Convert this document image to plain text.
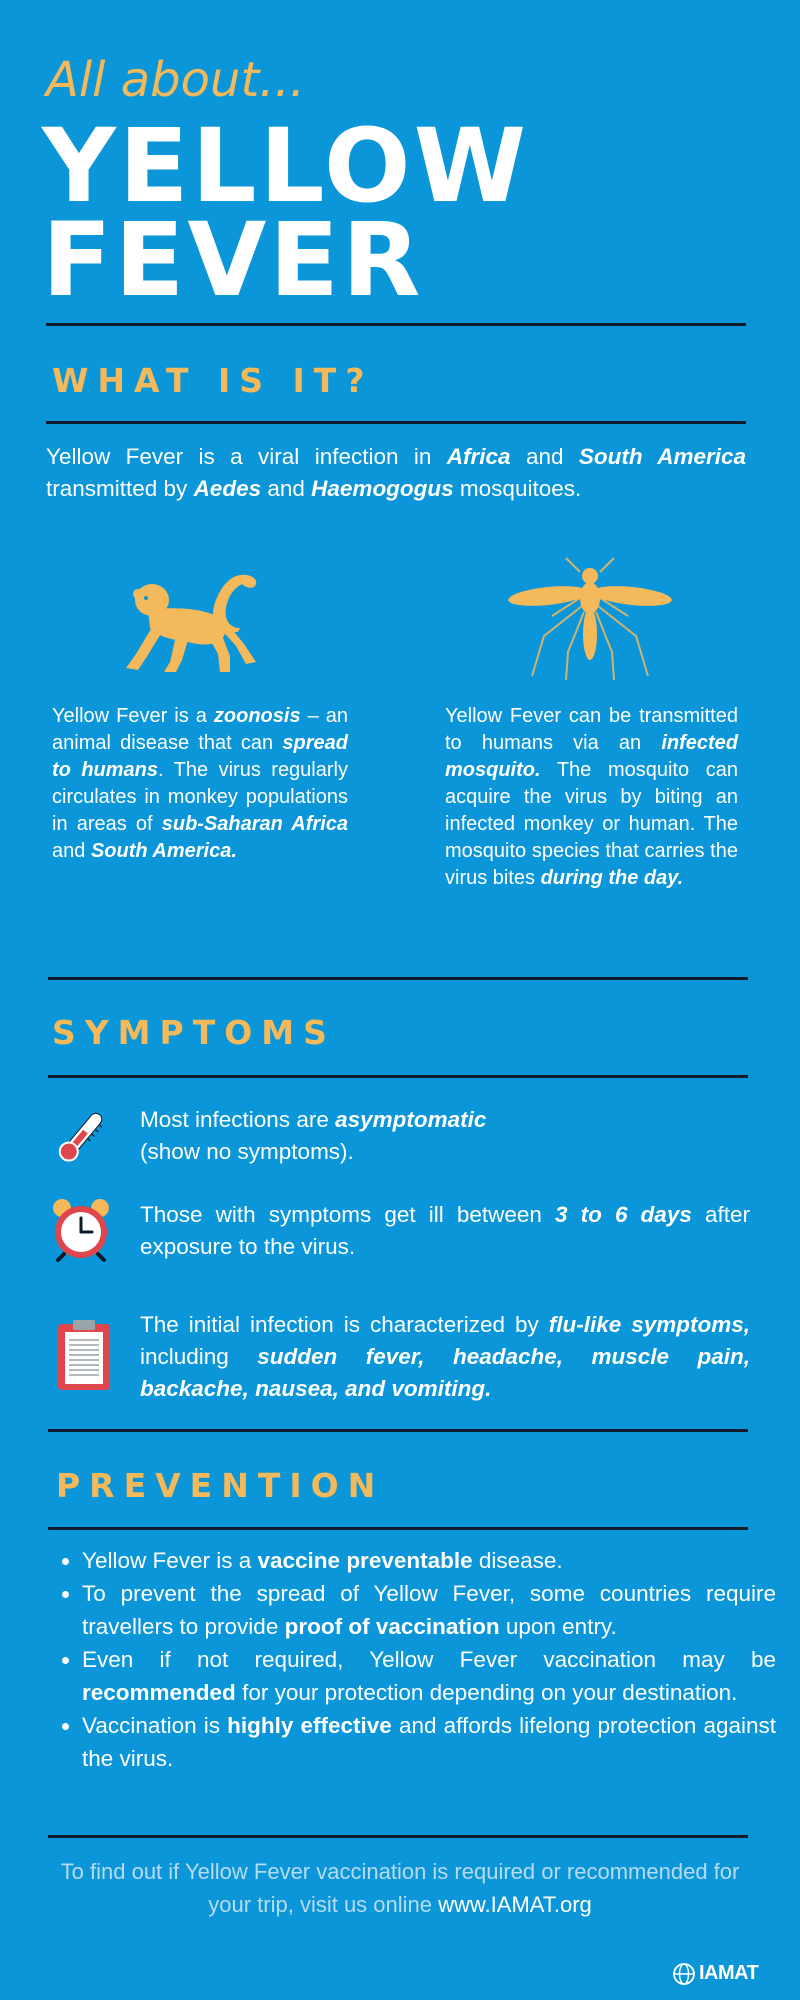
All about...
YELLOW
FEVER
WHAT IS IT?
Yellow Fever is a viral infection in Africa and South America transmitted by Aedes and Haemogogus mosquitoes.
Yellow Fever is a zoonosis – an animal disease that can spread to humans. The virus regularly circulates in monkey populations in areas of sub-Saharan Africa and South America.
Yellow Fever can be transmitted to humans via an infected mosquito. The mosquito can acquire the virus by biting an infected monkey or human. The mosquito species that carries the virus bites during the day.
SYMPTOMS
Most infections are asymptomatic
(show no symptoms).
Those with symptoms get ill between 3 to 6 days after exposure to the virus.
The initial infection is characterized by flu-like symptoms, including sudden fever, headache, muscle pain, backache, nausea, and vomiting.
PREVENTION
• Yellow Fever is a vaccine preventable disease.
• To prevent the spread of Yellow Fever, some countries require travellers to provide proof of vaccination upon entry.
• Even if not required, Yellow Fever vaccination may be recommended for your protection depending on your destination.
• Vaccination is highly effective and affords lifelong protection against the virus.
To find out if Yellow Fever vaccination is required or recommended for your trip, visit us online www.IAMAT.org
IAMAT
